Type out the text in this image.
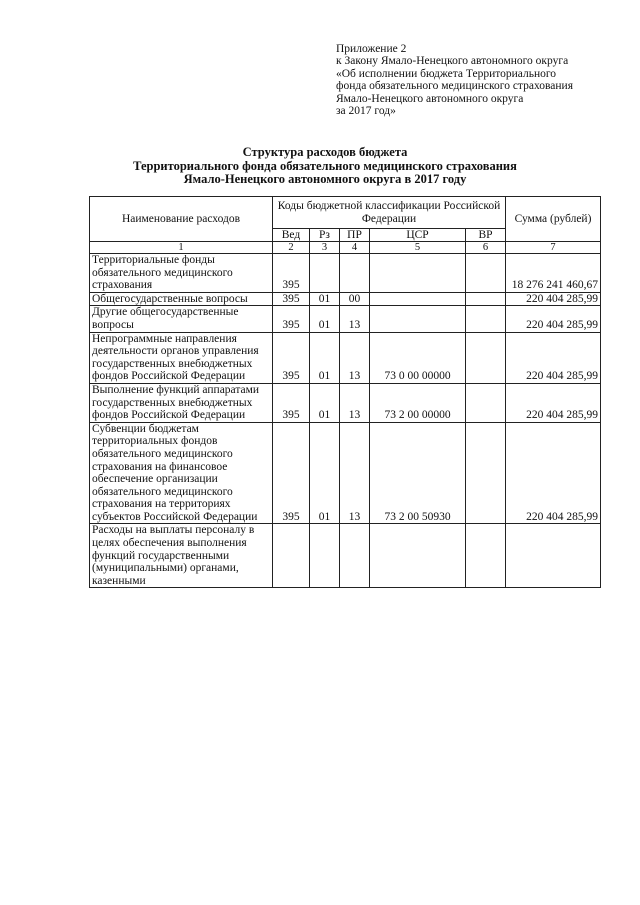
Приложение 2
к Закону Ямало-Ненецкого автономного округа
«Об исполнении бюджета Территориального
фонда обязательного медицинского страхования
Ямало-Ненецкого автономного округа
за 2017 год»
Структура расходов бюджета
Территориального фонда обязательного медицинского страхования
Ямало-Ненецкого автономного округа в 2017 году
Наименование расходов	Коды бюджетной классификации Российской Федерации					Сумма (рублей)
	Вед	Рз	ПР	ЦСР	ВР	
1	2	3	4	5	6	7
Территориальные фонды обязательного медицинского страхования	395					18 276 241 460,67
Общегосударственные вопросы	395	01	00			220 404 285,99
Другие общегосударственные вопросы	395	01	13			220 404 285,99
Непрограммные направления деятельности органов управления государственных внебюджетных фондов Российской Федерации	395	01	13	73 0 00 00000		220 404 285,99
Выполнение функций аппаратами государственных внебюджетных фондов Российской Федерации	395	01	13	73 2 00 00000		220 404 285,99
Субвенции бюджетам территориальных фондов обязательного медицинского страхования на финансовое обеспечение организации обязательного медицинского страхования на территориях субъектов Российской Федерации	395	01	13	73 2 00 50930		220 404 285,99
Расходы на выплаты персоналу в целях обеспечения выполнения функций государственными (муниципальными) органами, казенными						
